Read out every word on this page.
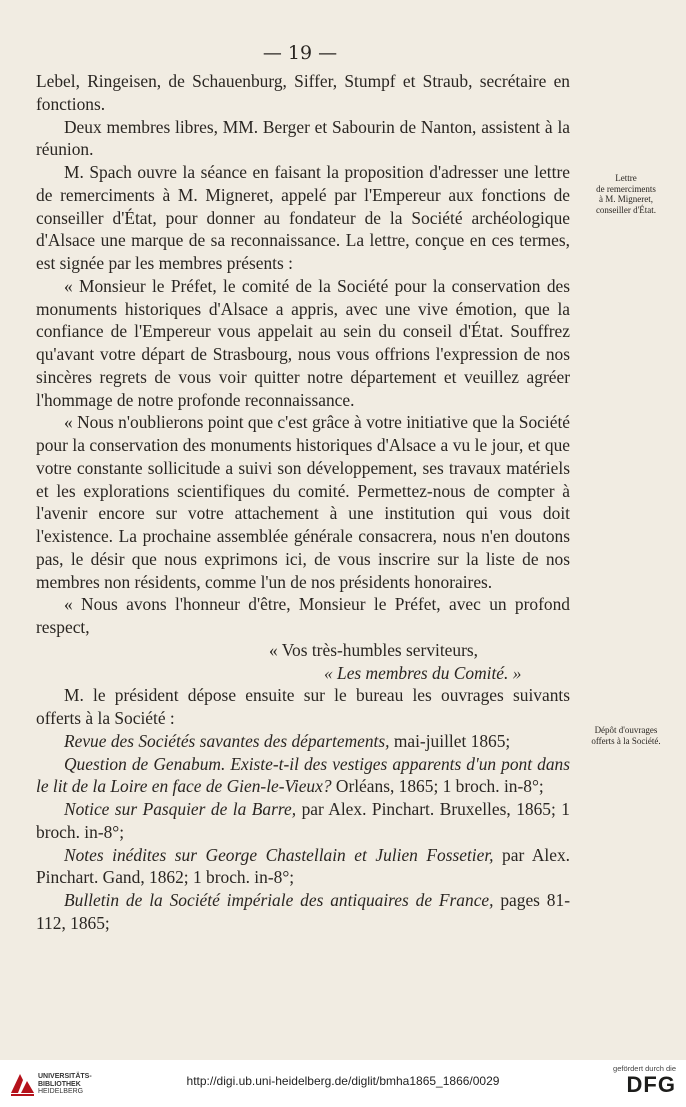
— 19 —

Lebel, Ringeisen, de Schauenburg, Siffer, Stumpf et Straub, secrétaire en fonctions.

Deux membres libres, MM. Berger et Sabourin de Nanton, assistent à la réunion.

M. Spach ouvre la séance en faisant la proposition d'adresser une lettre de remerciments à M. Migneret, appelé par l'Empereur aux fonctions de conseiller d'État, pour donner au fondateur de la Société archéologique d'Alsace une marque de sa reconnaissance. La lettre, conçue en ces termes, est signée par les membres présents :

« Monsieur le Préfet, le comité de la Société pour la conservation des monuments historiques d'Alsace a appris, avec une vive émotion, que la confiance de l'Empereur vous appelait au sein du conseil d'État. Souffrez qu'avant votre départ de Strasbourg, nous vous offrions l'expression de nos sincères regrets de vous voir quitter notre département et veuillez agréer l'hommage de notre profonde reconnaissance.

« Nous n'oublierons point que c'est grâce à votre initiative que la Société pour la conservation des monuments historiques d'Alsace a vu le jour, et que votre constante sollicitude a suivi son développement, ses travaux matériels et les explorations scientifiques du comité. Permettez-nous de compter à l'avenir encore sur votre attachement à une institution qui vous doit l'existence. La prochaine assemblée générale consacrera, nous n'en doutons pas, le désir que nous exprimons ici, de vous inscrire sur la liste de nos membres non résidents, comme l'un de nos présidents honoraires.

« Nous avons l'honneur d'être, Monsieur le Préfet, avec un profond respect,

« Vos très-humbles serviteurs,

« Les membres du Comité. »

M. le président dépose ensuite sur le bureau les ouvrages suivants offerts à la Société :

Revue des Sociétés savantes des départements, mai-juillet 1865;

Question de Genabum. Existe-t-il des vestiges apparents d'un pont dans le lit de la Loire en face de Gien-le-Vieux? Orléans, 1865; 1 broch. in-8°;

Notice sur Pasquier de la Barre, par Alex. Pinchart. Bruxelles, 1865; 1 broch. in-8°;

Notes inédites sur George Chastellain et Julien Fossetier, par Alex. Pinchart. Gand, 1862; 1 broch. in-8°;

Bulletin de la Société impériale des antiquaires de France, pages 81-112, 1865;

Lettre
de remerciments
à M. Migneret,
conseiller d'État.
Dépôt d'ouvrages
offerts à la Société.
UNIVERSITÄTS-
BIBLIOTHEK
HEIDELBERG
http://digi.ub.uni-heidelberg.de/diglit/bmha1865_1866/0029
gefördert durch die
DFG
